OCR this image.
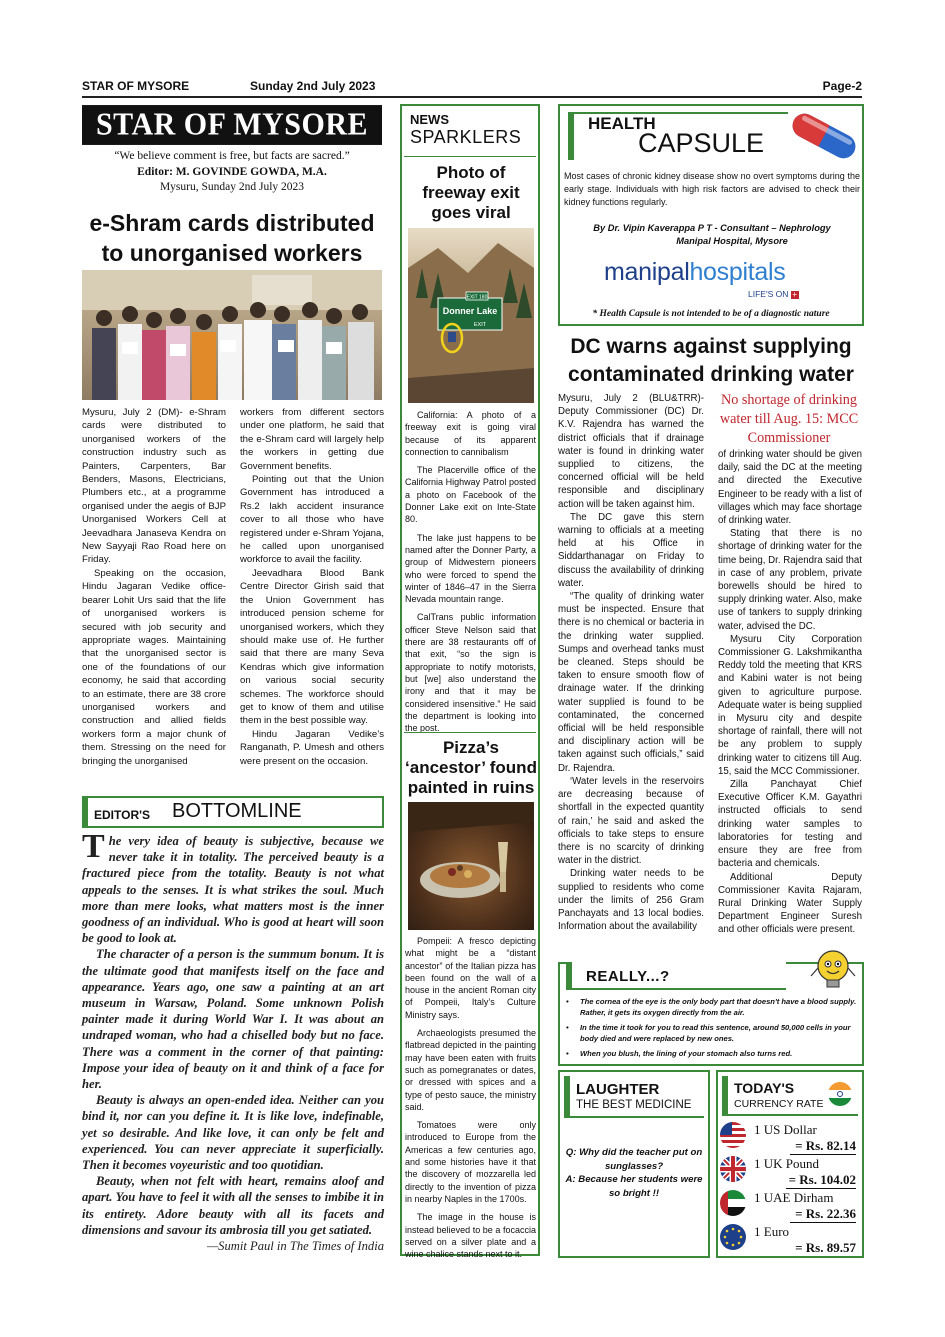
STAR OF MYSORE	Sunday 2nd July 2023	Page-2
STAR OF MYSORE
“We believe comment is free, but facts are sacred.”
Editor: M. GOVINDE GOWDA, M.A.
Mysuru, Sunday 2nd July 2023
e-Shram cards distributed to unorganised workers

Mysuru, July 2 (DM)- e-Shram cards were distributed to unorganised workers of the construction industry such as Painters, Carpenters, Bar Benders, Masons, Electricians, Plumbers etc., at a programme organised under the aegis of BJP Unorganised Workers Cell at Jeevadhara Janaseva Kendra on New Sayyaji Rao Road here on Friday.

Speaking on the occasion, Hindu Jagaran Vedike office-bearer Lohit Urs said that the life of unorganised workers is secured with job security and appropriate wages. Maintaining that the unorganised sector is one of the foundations of our economy, he said that according to an estimate, there are 38 crore unorganised workers and construction and allied fields workers form a major chunk of them. Stressing on the need for bringing the unorganised

workers from different sectors under one platform, he said that the e-Shram card will largely help the workers in getting due Government benefits.

Pointing out that the Union Government has introduced a Rs.2 lakh accident insurance cover to all those who have registered under e-Shram Yojana, he called upon unorganised workforce to avail the facility.

Jeevadhara Blood Bank Centre Director Girish said that the Union Government has introduced pension scheme for unorganised workers, which they should make use of. He further said that there are many Seva Kendras which give information on various social security schemes. The workforce should get to know of them and utilise them in the best possible way.

Hindu Jagaran Vedike’s Ranganath, P. Umesh and others were present on the occasion.

EDITOR'S BOTTOMLINE

The very idea of beauty is subjective, because we never take it in totality. The perceived beauty is a fractured piece from the totality. Beauty is not what appeals to the senses. It is what strikes the soul. Much more than mere looks, what matters most is the inner goodness of an individual. Who is good at heart will soon be good to look at.

The character of a person is the summum bonum. It is the ultimate good that manifests itself on the face and appearance. Years ago, one saw a painting at an art museum in Warsaw, Poland. Some unknown Polish painter made it during World War I. It was about an undraped woman, who had a chiselled body but no face. There was a comment in the corner of that painting: Impose your idea of beauty on it and think of a face for her.

Beauty is always an open-ended idea. Neither can you bind it, nor can you define it. It is like love, indefinable, yet so desirable. And like love, it can only be felt and experienced. You can never appreciate it superficially. Then it becomes voyeuristic and too quotidian.

Beauty, when not felt with heart, remains aloof and apart. You have to feel it with all the senses to imbibe it in its entirety. Adore beauty with all its facets and dimensions and savour its ambrosia till you get satiated.

—Sumit Paul in The Times of India

NEWS
SPARKLERS
Photo of freeway exit goes viral
EXIT 180
Donner Lake
EXIT

California: A photo of a freeway exit is going viral because of its apparent connection to cannibalism

The Placerville office of the California Highway Patrol posted a photo on Facebook of the Donner Lake exit on Inte-State 80.

The lake just happens to be named after the Donner Party, a group of Midwestern pioneers who were forced to spend the winter of 1846–47 in the Sierra Nevada mountain range.

CalTrans public information officer Steve Nelson said that there are 38 restaurants off of that exit, “so the sign is appropriate to notify motorists, but [we] also understand the irony and that it may be considered insensitive.” He said the department is looking into the post.

Pizza’s ‘ancestor’ found painted in ruins

Pompeii: A fresco depicting what might be a “distant ancestor” of the Italian pizza has been found on the wall of a house in the ancient Roman city of Pompeii, Italy’s Culture Ministry says.

Archaeologists presumed the flatbread depicted in the painting may have been eaten with fruits such as pomegranates or dates, or dressed with spices and a type of pesto sauce, the ministry said.

Tomatoes were only introduced to Europe from the Americas a few centuries ago, and some histories have it that the discovery of mozzarella led directly to the invention of pizza in nearby Naples in the 1700s.

The image in the house is instead believed to be a focaccia served on a silver plate and a wine chalice stands next to it.

HEALTH
CAPSULE
Most cases of chronic kidney disease show no overt symptoms during the early stage. Individuals with high risk factors are advised to check their kidney functions regularly.
By Dr. Vipin Kaverappa P T - Consultant – Nephrology
Manipal Hospital, Mysore
manipalhospitals
LIFE'S ON +
* Health Capsule is not intended to be of a diagnostic nature
DC warns against supplying contaminated drinking water

Mysuru, July 2 (BLU&TRR)- Deputy Commissioner (DC) Dr. K.V. Rajendra has warned the district officials that if drainage water is found in drinking water supplied to citizens, the concerned official will be held responsible and disciplinary action will be taken against him.

The DC gave this stern warning to officials at a meeting held at his Office in Siddarthanagar on Friday to discuss the availability of drinking water.

“The quality of drinking water must be inspected. Ensure that there is no chemical or bacteria in the drinking water supplied. Sumps and overhead tanks must be cleaned. Steps should be taken to ensure smooth flow of drainage water. If the drinking water supplied is found to be contaminated, the concerned official will be held responsible and disciplinary action will be taken against such officials,” said Dr. Rajendra.

‘Water levels in the reservoirs are decreasing because of shortfall in the expected quantity of rain,’ he said and asked the officials to take steps to ensure there is no scarcity of drinking water in the district.

Drinking water needs to be supplied to residents who come under the limits of 256 Gram Panchayats and 13 local bodies. Information about the availability

No shortage of drinking water till Aug. 15: MCC Commissioner

of drinking water should be given daily, said the DC at the meeting and directed the Executive Engineer to be ready with a list of villages which may face shortage of drinking water.

Stating that there is no shortage of drinking water for the time being, Dr. Rajendra said that in case of any problem, private borewells should be hired to supply drinking water. Also, make use of tankers to supply drinking water, advised the DC.

Mysuru City Corporation Commissioner G. Lakshmikantha Reddy told the meeting that KRS and Kabini water is not being given to agriculture purpose. Adequate water is being supplied in Mysuru city and despite shortage of rainfall, there will not be any problem to supply drinking water to citizens till Aug. 15, said the MCC Commissioner.

Zilla Panchayat Chief Executive Officer K.M. Gayathri instructed officials to send drinking water samples to laboratories for testing and ensure they are free from bacteria and chemicals.

Additional Deputy Commissioner Kavita Rajaram, Rural Drinking Water Supply Department Engineer Suresh and other officials were present.

REALLY...?
• The cornea of the eye is the only body part that doesn't have a blood supply. Rather, it gets its oxygen directly from the air.
• In the time it took for you to read this sentence, around 50,000 cells in your body died and were replaced by new ones.
• When you blush, the lining of your stomach also turns red.
LAUGHTER
THE BEST MEDICINE
Q: Why did the teacher put on sunglasses?
A: Because her students were so bright !!
TODAY'S
CURRENCY RATE
1 US Dollar
= Rs. 82.14
1 UK Pound
= Rs. 104.02
1 UAE Dirham
= Rs. 22.36
1 Euro
= Rs. 89.57
